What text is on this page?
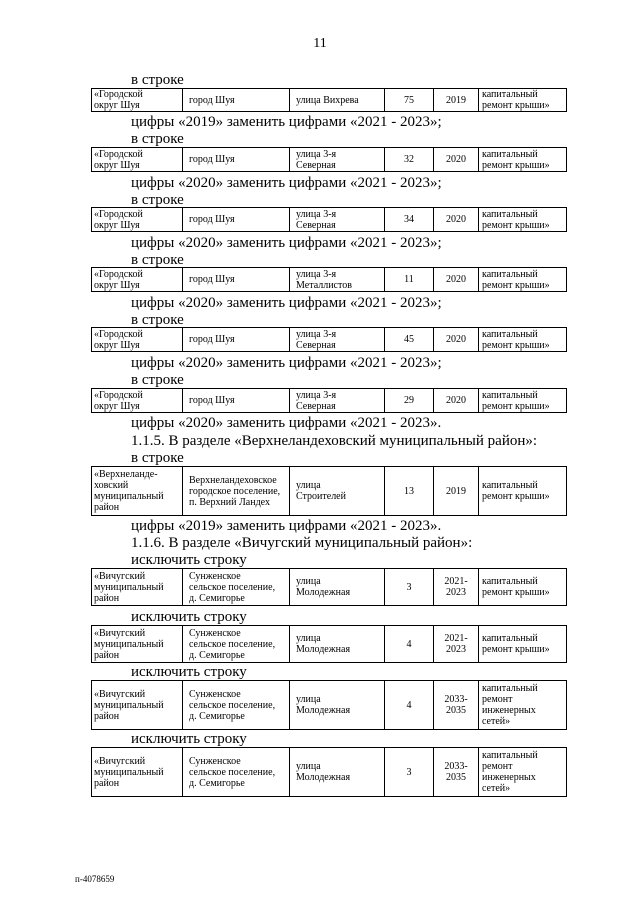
11
в строке
«Городской
округ Шуя	город Шуя	улица Вихрева	75	2019	капитальный
ремонт крыши»
цифры «2019» заменить цифрами «2021 - 2023»;
в строке
«Городской
округ Шуя	город Шуя	улица 3-я
Северная	32	2020	капитальный
ремонт крыши»
цифры «2020» заменить цифрами «2021 - 2023»;
в строке
«Городской
округ Шуя	город Шуя	улица 3-я
Северная	34	2020	капитальный
ремонт крыши»
цифры «2020» заменить цифрами «2021 - 2023»;
в строке
«Городской
округ Шуя	город Шуя	улица 3-я
Металлистов	11	2020	капитальный
ремонт крыши»
цифры «2020» заменить цифрами «2021 - 2023»;
в строке
«Городской
округ Шуя	город Шуя	улица 3-я
Северная	45	2020	капитальный
ремонт крыши»
цифры «2020» заменить цифрами «2021 - 2023»;
в строке
«Городской
округ Шуя	город Шуя	улица 3-я
Северная	29	2020	капитальный
ремонт крыши»
цифры «2020» заменить цифрами «2021 - 2023».
1.1.5. В разделе «Верхнеландеховский муниципальный район»:
в строке
«Верхнеланде-
ховский
муниципальный
район

Верхнеландеховское
городское поселение,
п. Верхний Ландех

улица
Строителей	13	2019	капитальный
ремонт крыши»
цифры «2019» заменить цифрами «2021 - 2023».
1.1.6. В разделе «Вичугский муниципальный район»:
исключить строку
«Вичугский
муниципальный
район

Сунженское
сельское поселение,
д. Семигорье

улица
Молодежная	3	2021-
2023

капитальный
ремонт крыши»
исключить строку
«Вичугский
муниципальный
район

Сунженское
сельское поселение,
д. Семигорье

улица
Молодежная	4	2021-
2023

капитальный
ремонт крыши»
исключить строку
«Вичугский
муниципальный
район

Сунженское
сельское поселение,
д. Семигорье

улица
Молодежная	4	2033-
2035

капитальный
ремонт
инженерных
сетей»
исключить строку
«Вичугский
муниципальный
район

Сунженское
сельское поселение,
д. Семигорье

улица
Молодежная	3	2033-
2035

капитальный
ремонт
инженерных
сетей»
п-4078659
